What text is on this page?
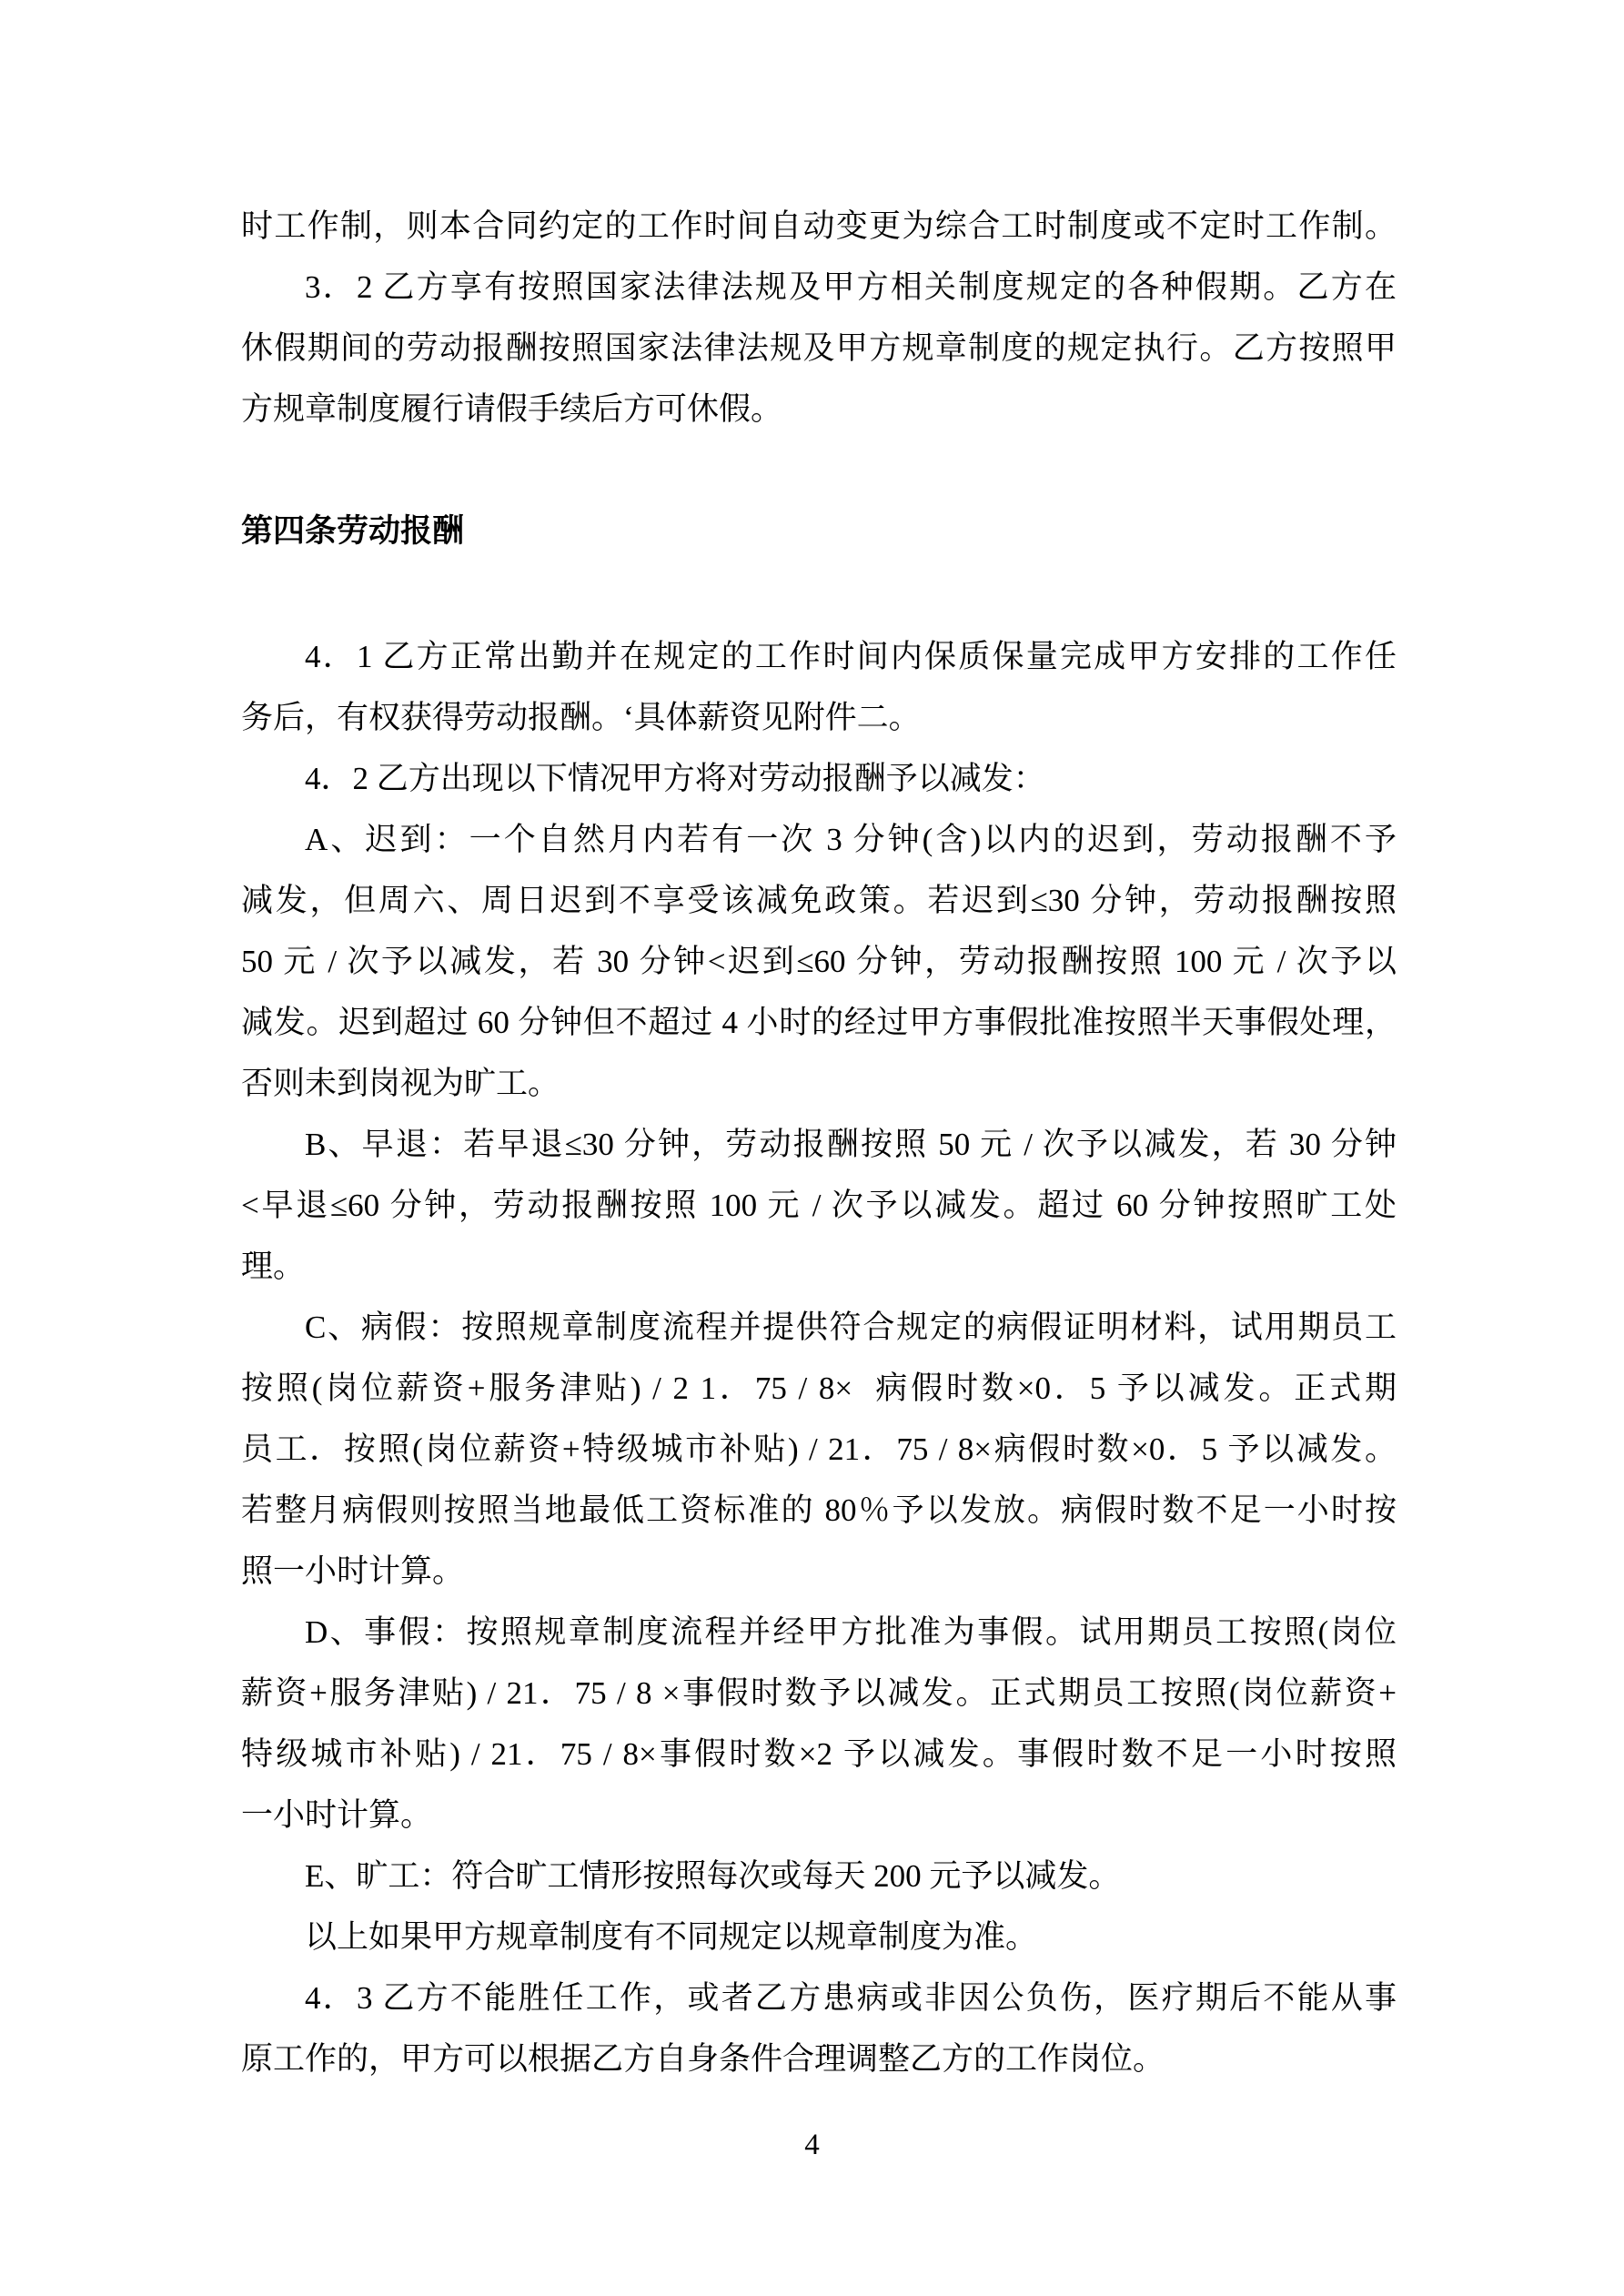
时工作制，则本合同约定的工作时间自动变更为综合工时制度或不定时工作制。
3．2 乙方享有按照国家法律法规及甲方相关制度规定的各种假期。乙方在
休假期间的劳动报酬按照国家法律法规及甲方规章制度的规定执行。乙方按照甲
方规章制度履行请假手续后方可休假。
第四条劳动报酬
4．1 乙方正常出勤并在规定的工作时间内保质保量完成甲方安排的工作任
务后，有权获得劳动报酬。‘具体薪资见附件二。
4．2 乙方出现以下情况甲方将对劳动报酬予以减发：
A、迟到：一个自然月内若有一次 3 分钟(含)以内的迟到，劳动报酬不予
减发，但周六、周日迟到不享受该减免政策。若迟到≤30 分钟，劳动报酬按照
50 元 / 次予以减发，若 30 分钟<迟到≤60 分钟，劳动报酬按照 100 元 / 次予以
减发。迟到超过 60 分钟但不超过 4 小时的经过甲方事假批准按照半天事假处理，
否则未到岗视为旷工。
B、早退：若早退≤30 分钟，劳动报酬按照 50 元 / 次予以减发，若 30 分钟
<早退≤60 分钟，劳动报酬按照 100 元 / 次予以减发。超过 60 分钟按照旷工处
理。
C、病假：按照规章制度流程并提供符合规定的病假证明材料，试用期员工
按照(岗位薪资+服务津贴) / 2 1．75 / 8×  病假时数×0．5 予以减发。正式期
员工．按照(岗位薪资+特级城市补贴) / 21．75 / 8×病假时数×0．5 予以减发。
若整月病假则按照当地最低工资标准的 80％予以发放。病假时数不足一小时按
照一小时计算。
D、事假：按照规章制度流程并经甲方批准为事假。试用期员工按照(岗位
薪资+服务津贴) / 21．75 / 8 ×事假时数予以减发。正式期员工按照(岗位薪资+
特级城市补贴) / 21．75 / 8×事假时数×2 予以减发。事假时数不足一小时按照
一小时计算。
E、旷工：符合旷工情形按照每次或每天 200 元予以减发。
以上如果甲方规章制度有不同规定以规章制度为准。
4．3 乙方不能胜任工作，或者乙方患病或非因公负伤，医疗期后不能从事
原工作的，甲方可以根据乙方自身条件合理调整乙方的工作岗位。
4
